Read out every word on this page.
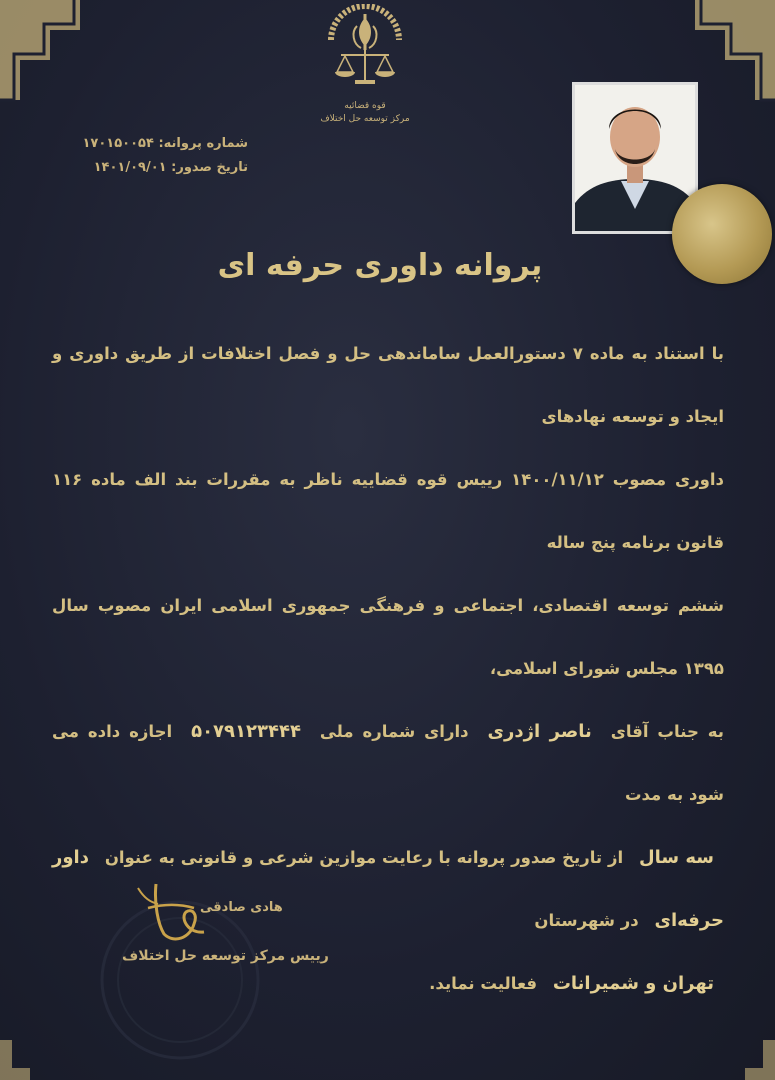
قوه قضائیه
مرکز توسعه حل اختلاف
شماره پروانه: ۱۷۰۱۵۰۰۵۴
تاریخ صدور: ۱۴۰۱/۰۹/۰۱
پروانه داوری حرفه ای
با استناد به ماده ۷ دستورالعمل ساماندهی حل و فصل اختلافات از طریق داوری و ایجاد و توسعه نهادهای
داوری مصوب ۱۴۰۰/۱۱/۱۲ رییس قوه قضاییه ناظر به مقررات بند الف ماده ۱۱۶ قانون برنامه پنج ساله
ششم توسعه اقتصادی، اجتماعی و فرهنگی جمهوری اسلامی ایران مصوب سال ۱۳۹۵ مجلس شورای اسلامی،
به جناب آقای ناصر اژدری دارای شماره ملی ۵۰۷۹۱۲۳۴۴۴ اجازه داده می شود به مدت
سه سال از تاریخ صدور پروانه با رعایت موازین شرعی و قانونی به عنوان داور حرفه‌ای در شهرستان
تهران و شمیرانات فعالیت نماید.
هادی صادقی
رییس مرکز توسعه حل اختلاف
